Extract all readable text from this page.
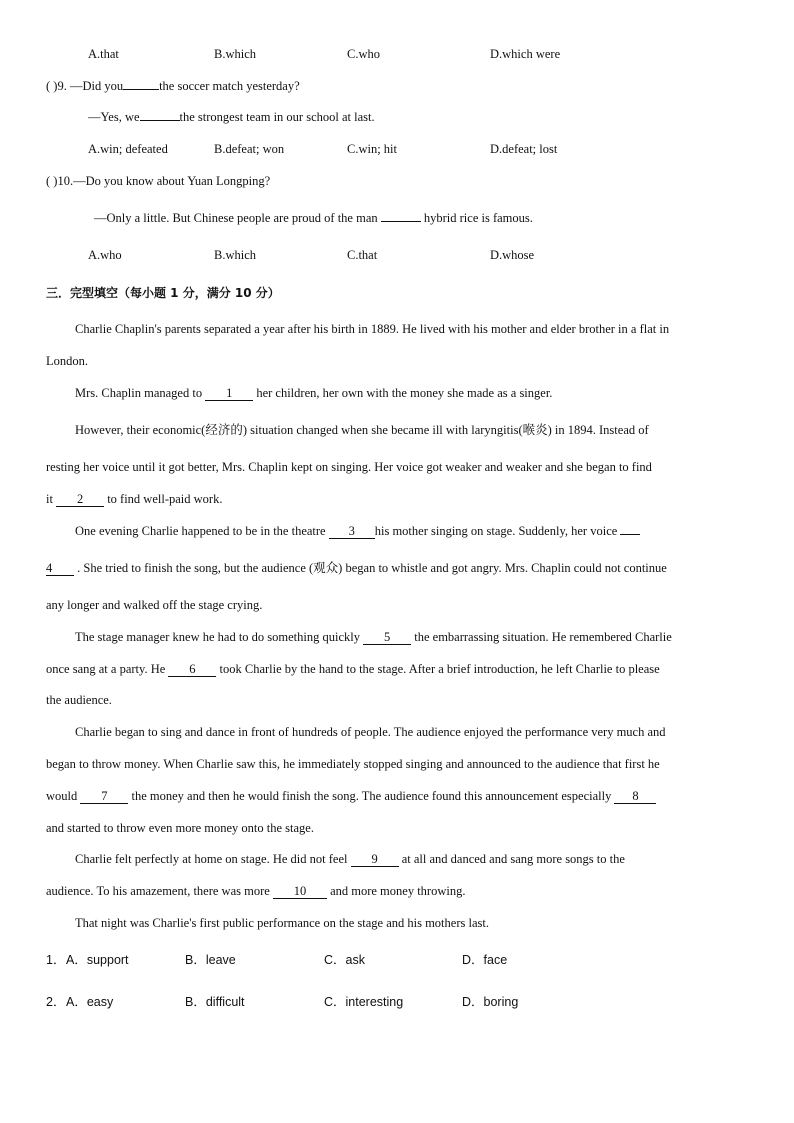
A.that	B.which	C.who	D.which were
( )9. —Did you	the soccer match yesterday?
—Yes, we	the strongest team in our school at last.
A.win; defeated	B.defeat; won	C.win; hit	D.defeat; lost
( )10.—Do you know about Yuan Longping?
—Only a little. But Chinese people are proud of the man	hybrid rice is famous.
A.who	B.which	C.that	D.whose
三．完型填空（每小题 1 分，满分 10 分）
Charlie Chaplin's parents separated a year after his birth in 1889. He lived with his mother and elder brother in a flat in
London.
Mrs. Chaplin managed to 1 her children, her own with the money she made as a singer.
However, their economic(经济的) situation changed when she became ill with laryngitis(喉炎) in 1894. Instead of
resting her voice until it got better, Mrs. Chaplin kept on singing. Her voice got weaker and weaker and she began to find
it 2 to find well-paid work.
One evening Charlie happened to be in the theatre 3 his mother singing on stage. Suddenly, her voice
4 . She tried to finish the song, but the audience (观众) began to whistle and got angry. Mrs. Chaplin could not continue
any longer and walked off the stage crying.
The stage manager knew he had to do something quickly 5 the embarrassing situation. He remembered Charlie
once sang at a party. He 6 took Charlie by the hand to the stage. After a brief introduction, he left Charlie to please
the audience.
Charlie began to sing and dance in front of hundreds of people. The audience enjoyed the performance very much and
began to throw money. When Charlie saw this, he immediately stopped singing and announced to the audience that first he
would 7 the money and then he would finish the song. The audience found this announcement especially 8
and started to throw even more money onto the stage.
Charlie felt perfectly at home on stage. He did not feel 9 at all and danced and sang more songs to the
audience. To his amazement, there was more 10 and more money throwing.
That night was Charlie's first public performance on the stage and his mothers last.
1． A．support	B．leave	C．ask	D．face
2． A．easy	B．difficult	C．interesting	D．boring
